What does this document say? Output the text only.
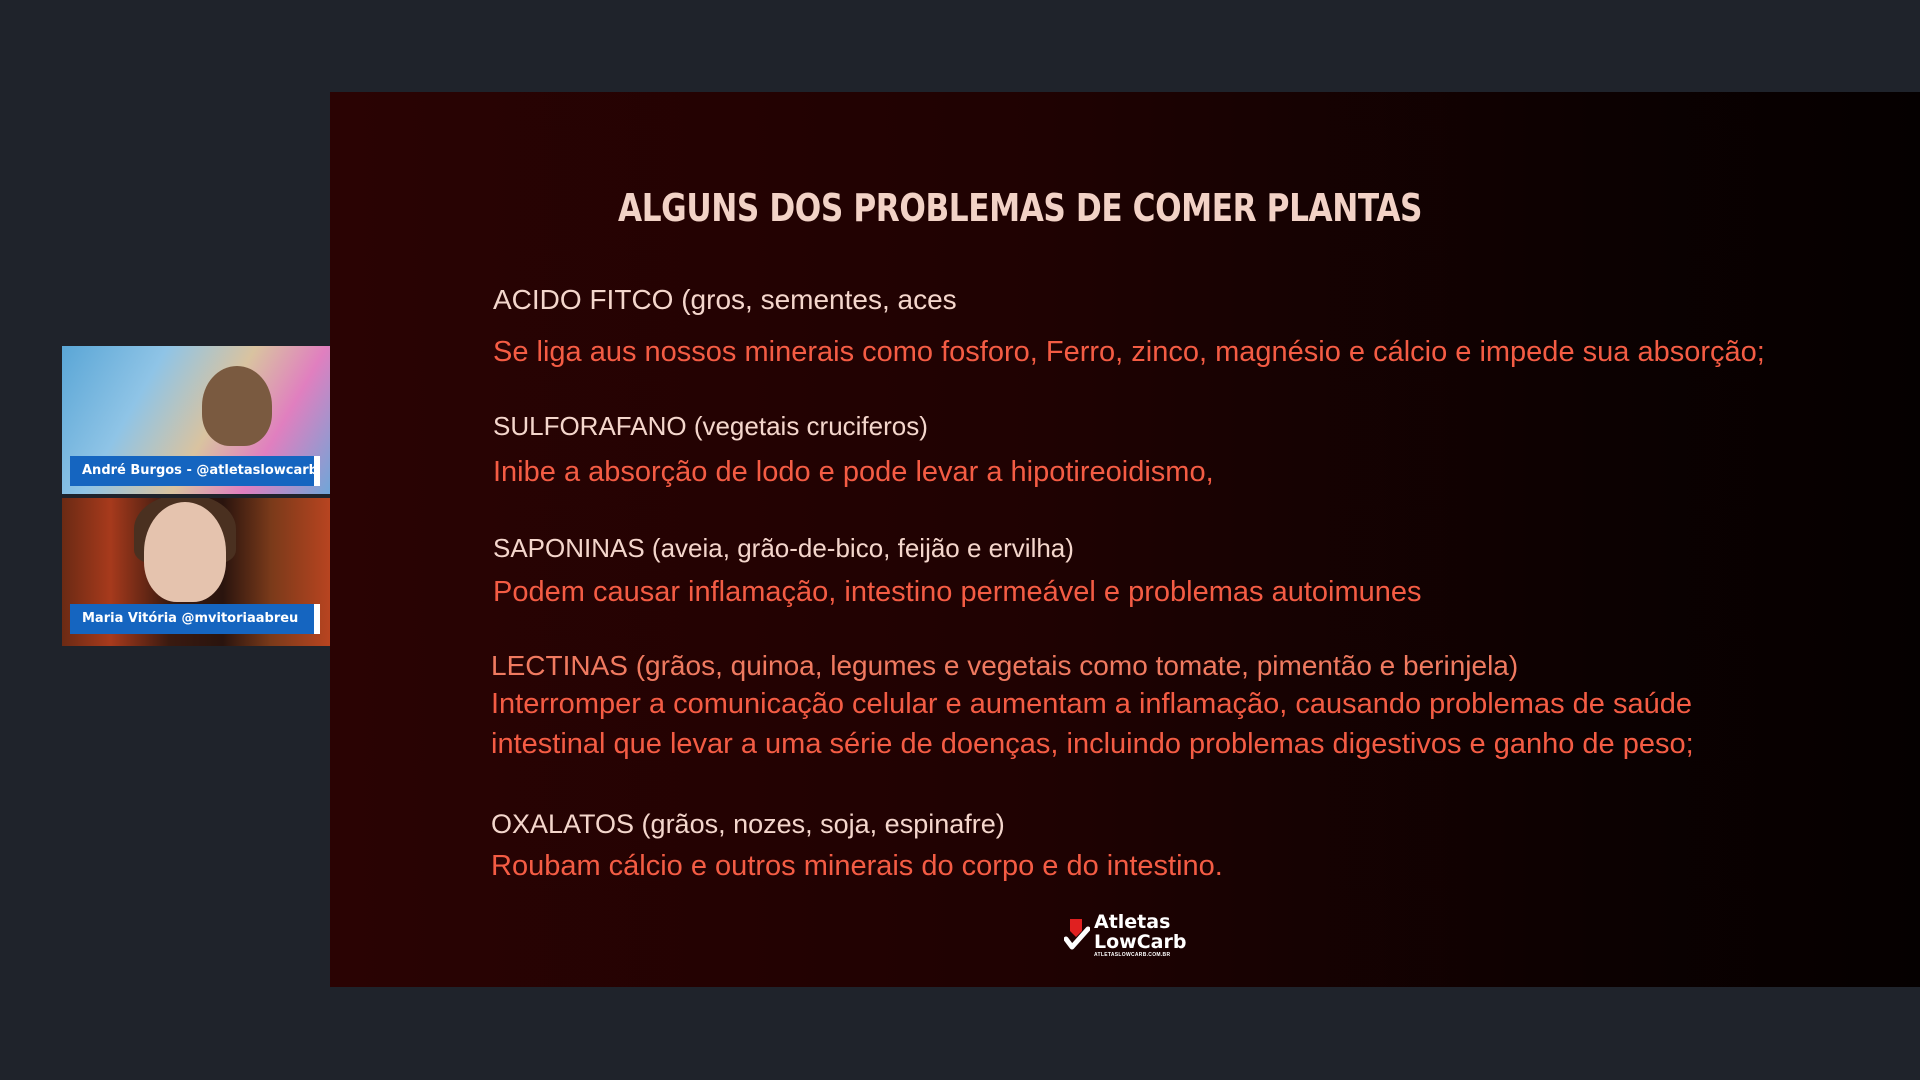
André Burgos - @atletaslowcarb
Maria Vitória @mvitoriaabreu
ALGUNS DOS PROBLEMAS DE COMER PLANTAS
ACIDO FITCO (gros, sementes, aces
Se liga aus nossos minerais como fosforo, Ferro, zinco, magnésio e cálcio e impede sua absorção;
SULFORAFANO (vegetais cruciferos)
Inibe a absorção de lodo e pode levar a hipotireoidismo,
SAPONINAS (aveia, grão-de-bico, feijão e ervilha)
Podem causar inflamação, intestino permeável e problemas autoimunes
LECTINAS (grãos, quinoa, legumes e vegetais como tomate, pimentão e berinjela)
Interromper a comunicação celular e aumentam a inflamação, causando problemas de saúde intestinal que levar a uma série de doenças, incluindo problemas digestivos e ganho de peso;
OXALATOS (grãos, nozes, soja, espinafre)
Roubam cálcio e outros minerais do corpo e do intestino.
Atletas
LowCarb
ATLETASLOWCARB.COM.BR
